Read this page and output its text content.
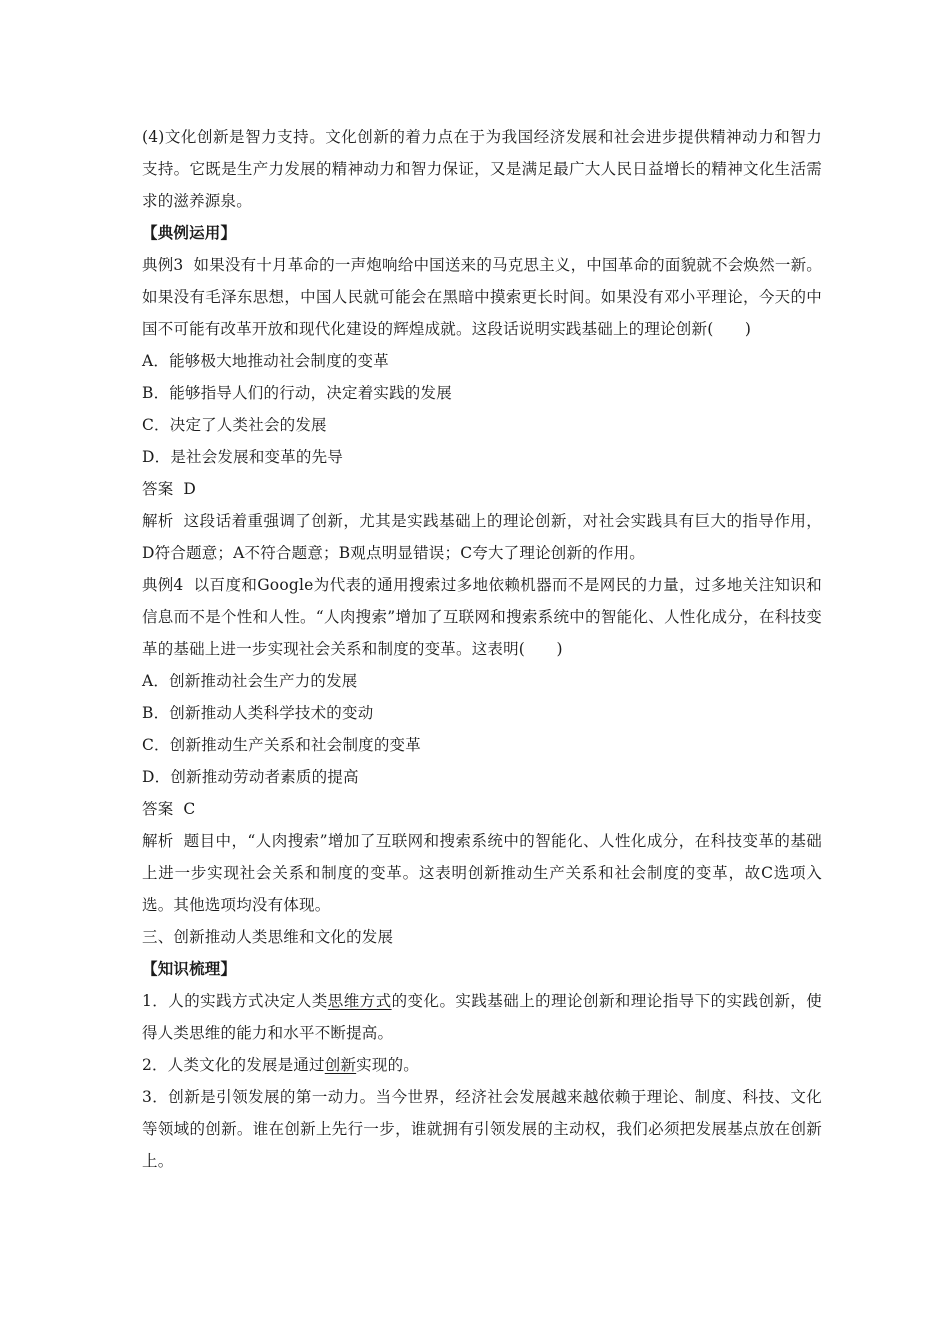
(4)文化创新是智力支持。文化创新的着力点在于为我国经济发展和社会进步提供精神动力和智力支持。它既是生产力发展的精神动力和智力保证，又是满足最广大人民日益增长的精神文化生活需求的滋养源泉。

【典例运用】

典例3 如果没有十月革命的一声炮响给中国送来的马克思主义，中国革命的面貌就不会焕然一新。如果没有毛泽东思想，中国人民就可能会在黑暗中摸索更长时间。如果没有邓小平理论，今天的中国不可能有改革开放和现代化建设的辉煌成就。这段话说明实践基础上的理论创新(　　)

A．能够极大地推动社会制度的变革

B．能够指导人们的行动，决定着实践的发展

C．决定了人类社会的发展

D．是社会发展和变革的先导

答案 D

解析 这段话着重强调了创新，尤其是实践基础上的理论创新，对社会实践具有巨大的指导作用，D符合题意；A不符合题意；B观点明显错误；C夸大了理论创新的作用。

典例4 以百度和Google为代表的通用搜索过多地依赖机器而不是网民的力量，过多地关注知识和信息而不是个性和人性。“人肉搜索”增加了互联网和搜索系统中的智能化、人性化成分，在科技变革的基础上进一步实现社会关系和制度的变革。这表明(　　)

A．创新推动社会生产力的发展

B．创新推动人类科学技术的变动

C．创新推动生产关系和社会制度的变革

D．创新推动劳动者素质的提高

答案 C

解析 题目中，“人肉搜索”增加了互联网和搜索系统中的智能化、人性化成分，在科技变革的基础上进一步实现社会关系和制度的变革。这表明创新推动生产关系和社会制度的变革，故C选项入选。其他选项均没有体现。

三、创新推动人类思维和文化的发展

【知识梳理】

1．人的实践方式决定人类思维方式的变化。实践基础上的理论创新和理论指导下的实践创新，使得人类思维的能力和水平不断提高。

2．人类文化的发展是通过创新实现的。

3．创新是引领发展的第一动力。当今世界，经济社会发展越来越依赖于理论、制度、科技、文化等领域的创新。谁在创新上先行一步，谁就拥有引领发展的主动权，我们必须把发展基点放在创新上。
